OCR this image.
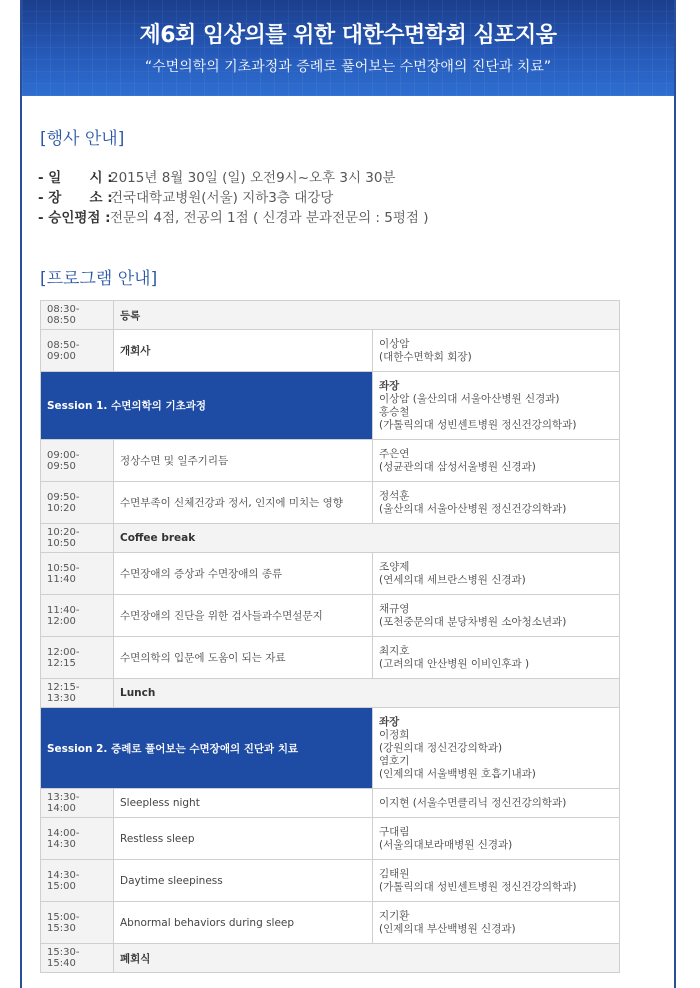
제6회 임상의를 위한 대한수면학회 심포지움
“수면의학의 기초과정과 증례로 풀어보는 수면장애의 진단과 치료”
[행사 안내]
- 일      시 :
2015년 8월 30일 (일) 오전9시~오후 3시 30분
- 장      소 :
건국대학교병원(서울) 지하3층 대강당
- 승인평점 : 전문의 4점, 전공의 1점 ( 신경과 분과전문의 : 5평점 )
[프로그램 안내]
08:30-08:50	등록	
08:50-09:00	개회사	이상암
(대한수면학회 회장)

Session 1. 수면의학의 기초과정		좌장
이상암 (울산의대 서울아산병원 신경과)
홍승철
(가톨릭의대 성빈센트병원 정신건강의학과)

09:00-09:50	정상수면 및 일주기리듬	주은연
(성균관의대 삼성서울병원 신경과)

09:50-10:20	수면부족이 신체건강과 정서, 인지에 미치는 영향	정석훈
(울산의대 서울아산병원 정신건강의학과)

10:20-10:50	Coffee break	
10:50-11:40	수면장애의 증상과 수면장애의 종류	조양제
(연세의대 세브란스병원 신경과)

11:40-12:00	수면장애의 진단을 위한 검사들과수면설문지	채규영
(포천중문의대 분당차병원 소아청소년과)

12:00-12:15	수면의학의 입문에 도움이 되는 자료	최지호
(고려의대 안산병원 이비인후과 )

12:15-13:30	Lunch	
Session 2. 증례로 풀어보는 수면장애의 진단과 치료		좌장
이정희
(강원의대 정신건강의학과)
염호기
(인제의대 서울백병원 호흡기내과)

13:30-14:00	Sleepless night	이지현 (서울수면클리닉 정신건강의학과)
14:00-14:30	Restless sleep	구대림
(서울의대보라매병원 신경과)

14:30-15:00	Daytime sleepiness	김태원
(가톨릭의대 성빈센트병원 정신건강의학과)

15:00-15:30	Abnormal behaviors during sleep	지기환
(인제의대 부산백병원 신경과)

15:30-15:40	폐회식	
